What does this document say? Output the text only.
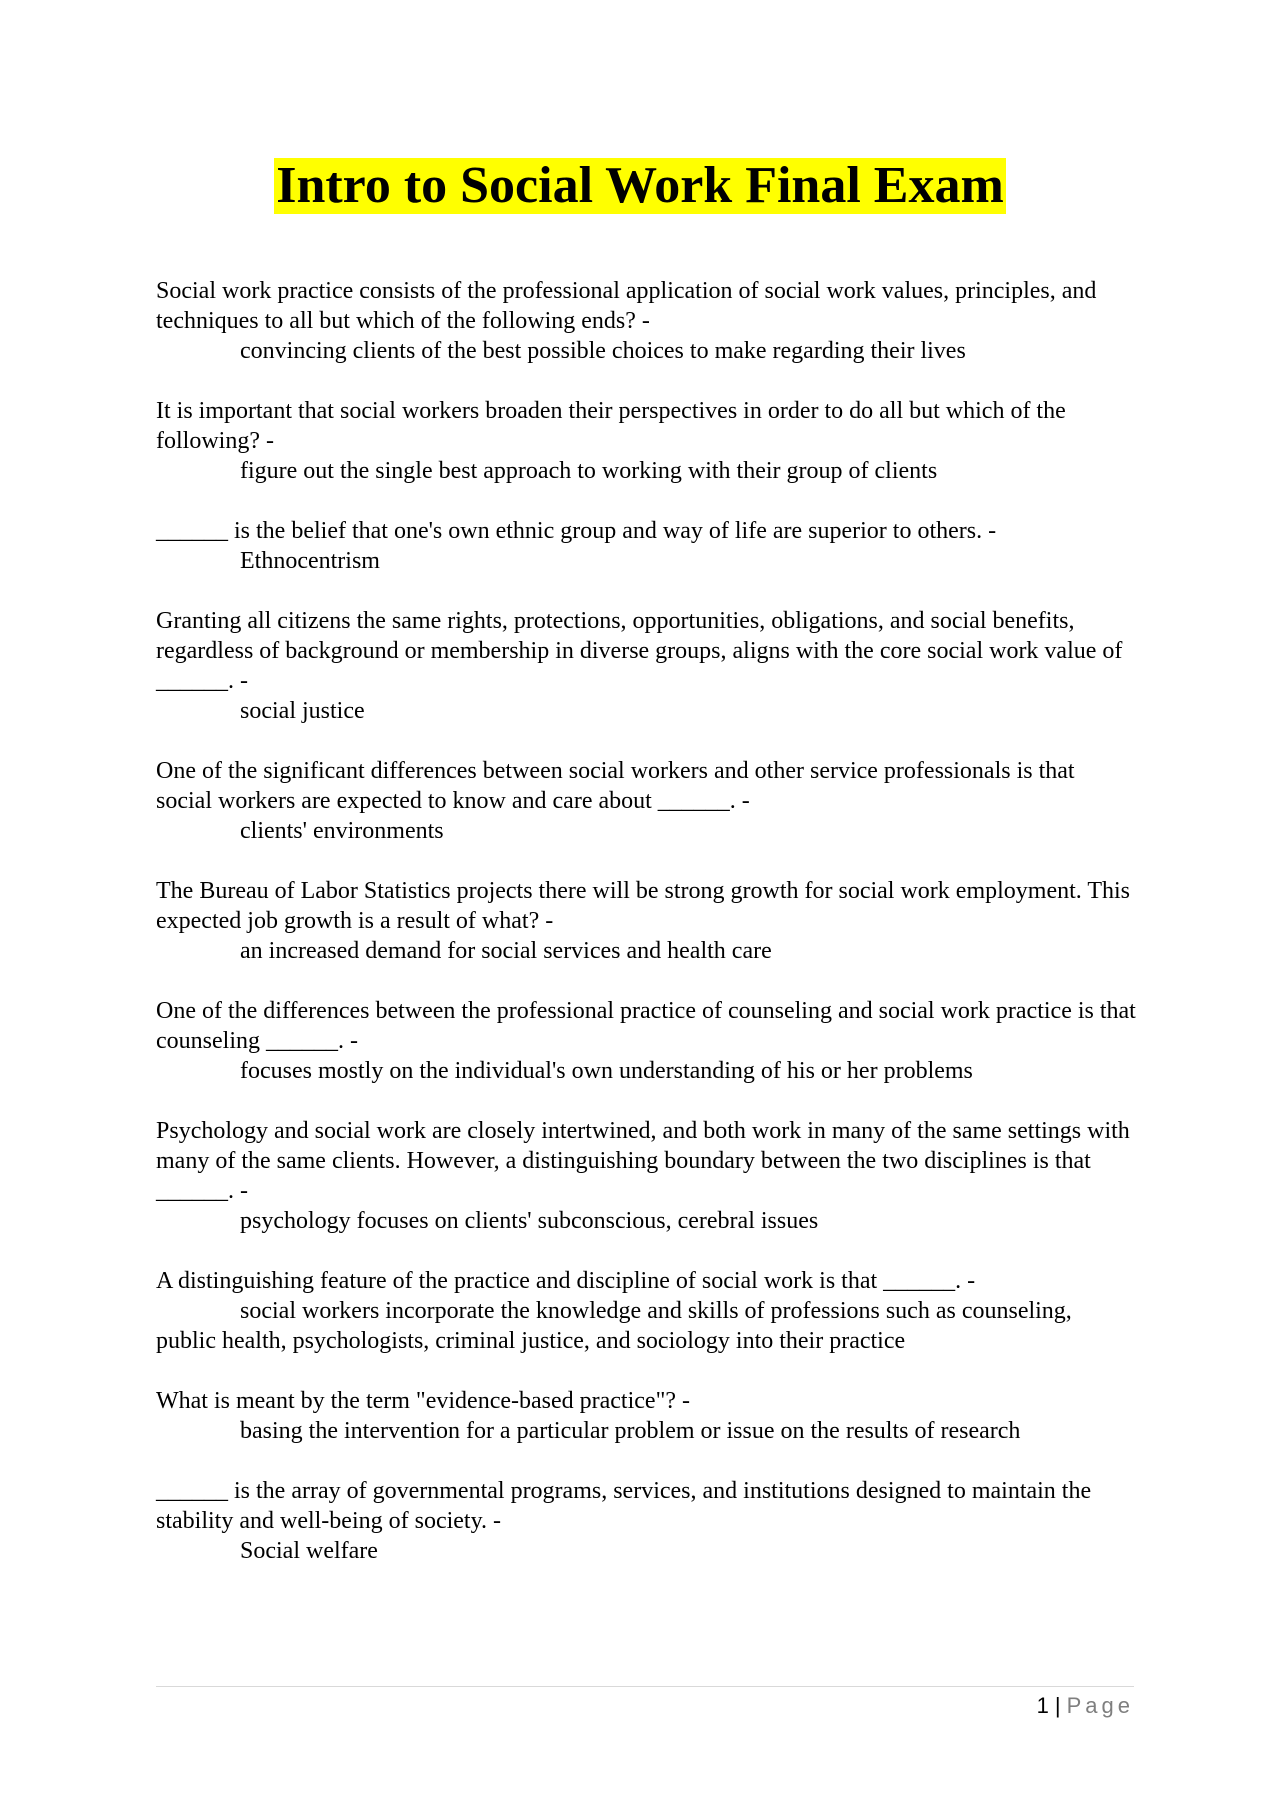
Intro to Social Work Final Exam

Social work practice consists of the professional application of social work values, principles, and techniques to all but which of the following ends? -

convincing clients of the best possible choices to make regarding their lives

It is important that social workers broaden their perspectives in order to do all but which of the following? -

figure out the single best approach to working with their group of clients

______ is the belief that one's own ethnic group and way of life are superior to others. -

Ethnocentrism

Granting all citizens the same rights, protections, opportunities, obligations, and social benefits, regardless of background or membership in diverse groups, aligns with the core social work value of ______. -

social justice

One of the significant differences between social workers and other service professionals is that social workers are expected to know and care about ______. -

clients' environments

The Bureau of Labor Statistics projects there will be strong growth for social work employment. This expected job growth is a result of what? -

an increased demand for social services and health care

One of the differences between the professional practice of counseling and social work practice is that counseling ______. -

focuses mostly on the individual's own understanding of his or her problems

Psychology and social work are closely intertwined, and both work in many of the same settings with many of the same clients. However, a distinguishing boundary between the two disciplines is that ______. -

psychology focuses on clients' subconscious, cerebral issues

A distinguishing feature of the practice and discipline of social work is that ______. -

social workers incorporate the knowledge and skills of professions such as counseling, public health, psychologists, criminal justice, and sociology into their practice

What is meant by the term "evidence-based practice"? -

basing the intervention for a particular problem or issue on the results of research

______ is the array of governmental programs, services, and institutions designed to maintain the stability and well-being of society. -

Social welfare

1 | Page
